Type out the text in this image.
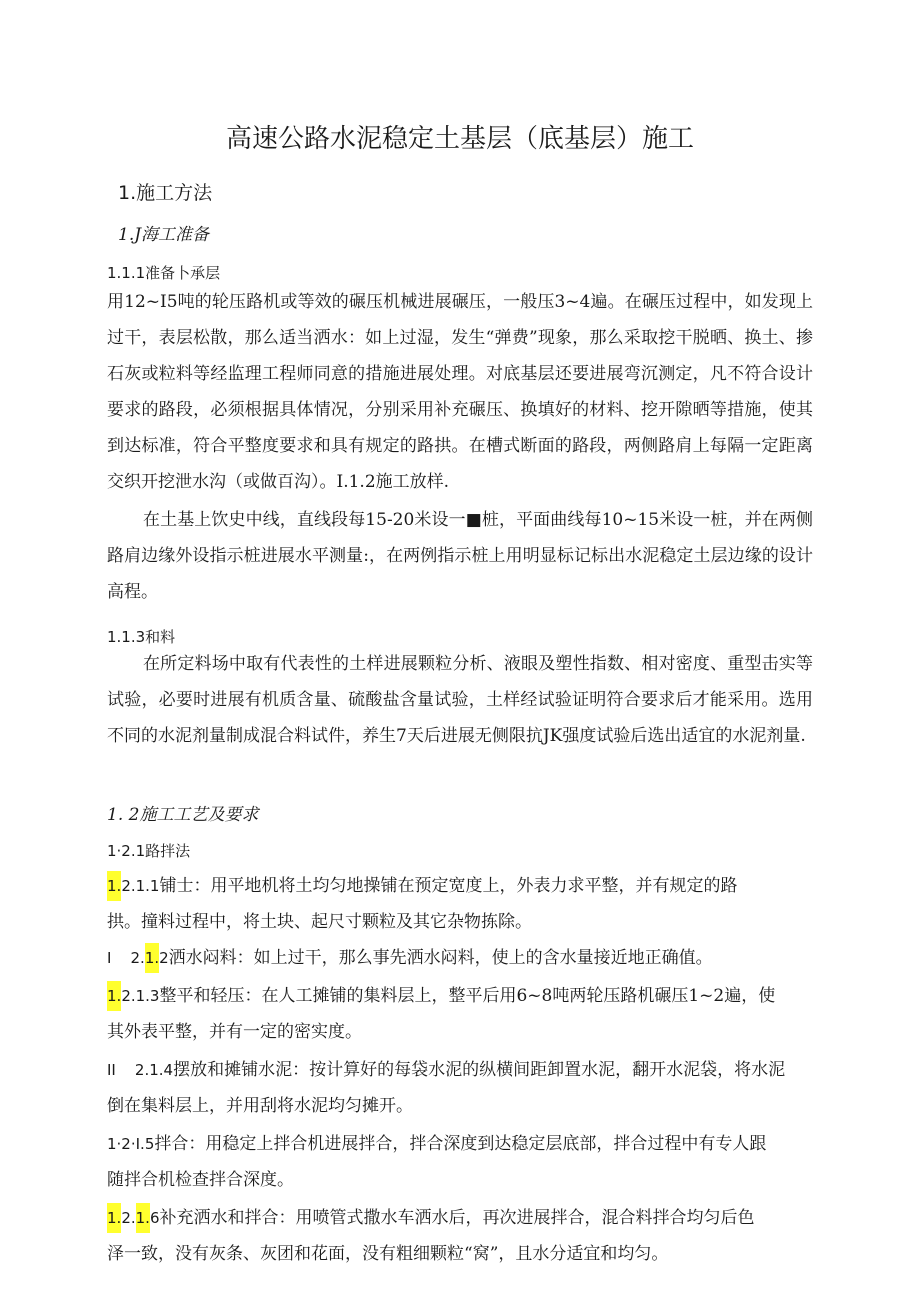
高速公路水泥稳定土基层（底基层）施工
1.施工方法
1.J海工准备
1.1.1准备卜承层

用12~I5吨的轮压路机或等效的碾压机械进展碾压，一般压3~4遍。在碾压过程中，如发现上过干，表层松散，那么适当洒水：如上过湿，发生“弹费”现象，那么采取挖干脱晒、换土、掺石灰或粒料等经监理工程师同意的措施进展处理。对底基层还要进展弯沉测定，凡不符合设计要求的路段，必须根据具体情况，分别采用补充碾压、换填好的材料、挖开隙晒等措施，使其到达标准，符合平整度要求和具有规定的路拱。在槽式断面的路段，两侧路肩上每隔一定距离交织开挖泄水沟（或做百沟）。I.1.2施工放样.

在土基上饮史中线，直线段每15-20米设一■桩，平面曲线每10~15米设一桩，并在两侧路肩边缘外设指示桩进展水平测量:，在两例指示桩上用明显标记标出水泥稳定土层边缘的设计高程。

1.1.3和料

在所定料场中取有代表性的土样进展颗粒分析、液眼及塑性指数、相对密度、重型击实等试验，必要时进展有机质含量、硫酸盐含量试验，土样经试验证明符合要求后才能采用。选用不同的水泥剂量制成混合料试件，养生7天后进展无侧限抗JK强度试验后选出适宜的水泥剂量.

1. 2施工工艺及要求
1·2.1路拌法

1.2.1.1铺士：用平地机将土均匀地操铺在预定宽度上，外表力求平整，并有规定的路

拱。撞料过程中，将土块、起尺寸颗粒及其它杂物拣除。

I    2.1.2洒水闷料：如上过干，那么事先洒水闷料，使上的含水量接近地正确值。

1.2.1.3整平和轻压：在人工摊铺的集料层上，整平后用6~8吨两轮压路机碾压1~2遍，使

其外表平整，并有一定的密实度。

II    2.1.4摆放和摊铺水泥：按计算好的每袋水泥的纵横间距卸置水泥，翻开水泥袋，将水泥

倒在集料层上，并用刮将水泥均匀摊开。

1·2·I.5拌合：用稳定上拌合机进展拌合，拌合深度到达稳定层底部，拌合过程中有专人跟

随拌合机检查拌合深度。

1.2.1.6补充洒水和拌合：用喷管式撒水车洒水后，再次进展拌合，混合料拌合均匀后色

泽一致，没有灰条、灰团和花面，没有粗细颗粒“窝”，且水分适宜和均匀。
